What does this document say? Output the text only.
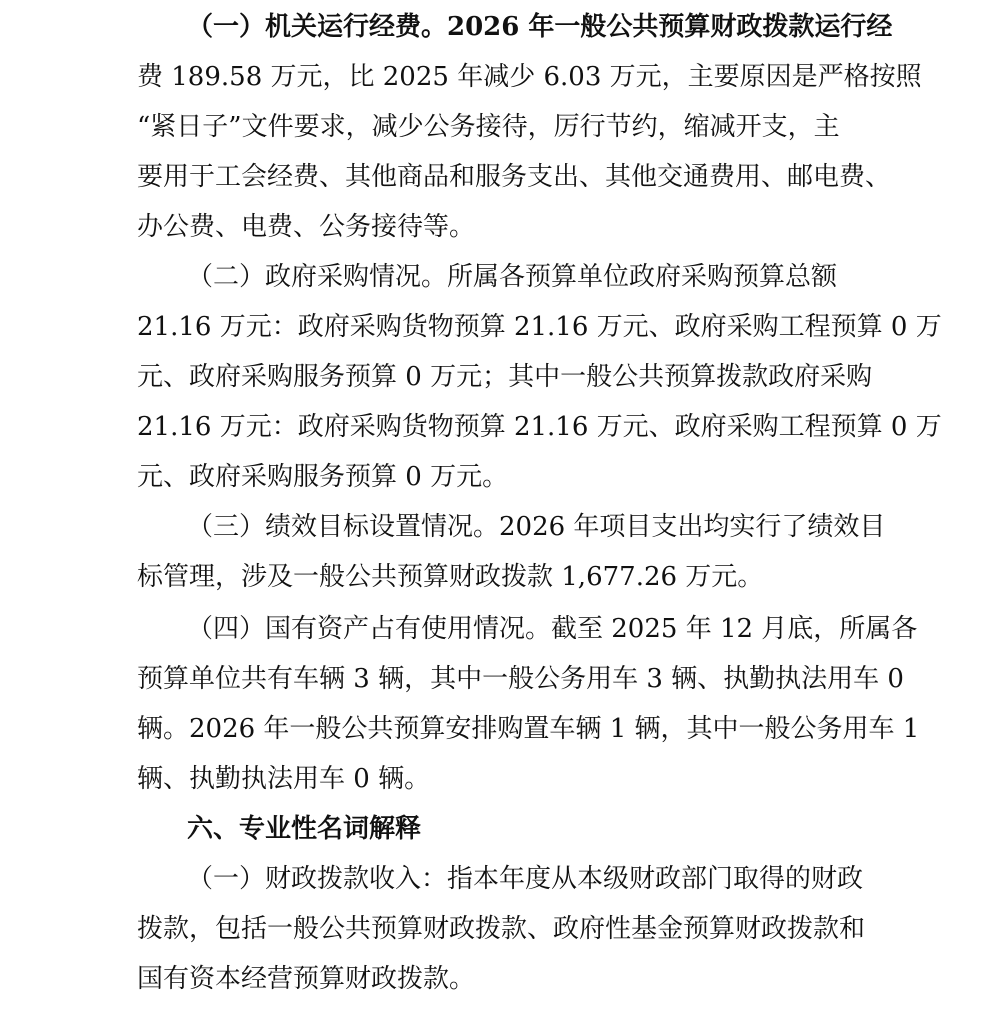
（一）机关运行经费。2026 年一般公共预算财政拨款运行经
费 189.58 万元，比 2025 年减少 6.03 万元，主要原因是严格按照
“紧日子”文件要求，减少公务接待，厉行节约，缩减开支，主
要用于工会经费、其他商品和服务支出、其他交通费用、邮电费、
办公费、电费、公务接待等。
（二）政府采购情况。所属各预算单位政府采购预算总额
21.16 万元：政府采购货物预算 21.16 万元、政府采购工程预算 0 万
元、政府采购服务预算 0 万元；其中一般公共预算拨款政府采购
21.16 万元：政府采购货物预算 21.16 万元、政府采购工程预算 0 万
元、政府采购服务预算 0 万元。
（三）绩效目标设置情况。2026 年项目支出均实行了绩效目
标管理，涉及一般公共预算财政拨款 1,677.26 万元。
（四）国有资产占有使用情况。截至 2025 年 12 月底，所属各
预算单位共有车辆 3 辆，其中一般公务用车 3 辆、执勤执法用车 0
辆。2026 年一般公共预算安排购置车辆 1 辆，其中一般公务用车 1
辆、执勤执法用车 0 辆。
六、专业性名词解释
（一）财政拨款收入：指本年度从本级财政部门取得的财政
拨款，包括一般公共预算财政拨款、政府性基金预算财政拨款和
国有资本经营预算财政拨款。
